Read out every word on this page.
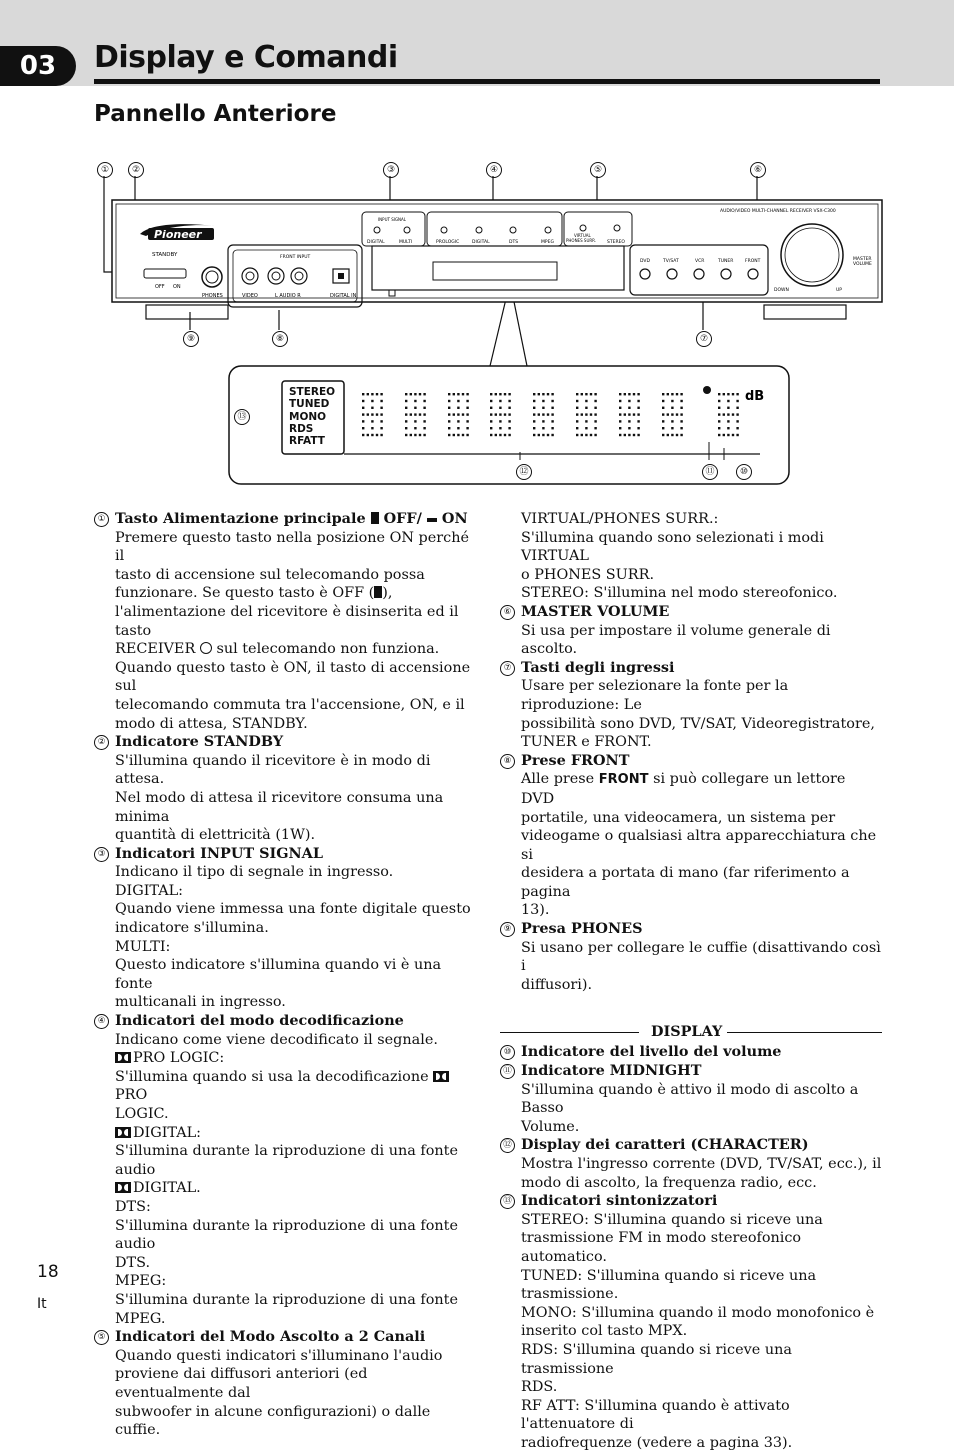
03	Display e Comandi
Pannello Anteriore
Pioneer
STANDBY
OFF ON
PHONES
FRONT INPUT
VIDEO	L AUDIO R	DIGITAL IN
INPUT SIGNAL
DIGITAL	MULTI	PROLOGIC	DIGITAL	DTS	MPEG
VIRTUAL
PHONES SURR. STEREO
DVD	TV/SAT	VCR	TUNER	FRONT
AUDIO/VIDEO MULTI-CHANNEL RECEIVER VSX-C300
MASTER
VOLUME
DOWN	UP
dB
STEREO
TUNED
MONO
RDS
RFATT
①	②	③	④	⑤	⑥
⑦
⑧
⑨
⑩
⑪
⑫
⑬
① Tasto Alimentazione principale OFF/ ON
Premere questo tasto nella posizione ON perché il
tasto di accensione sul telecomando possa
funzionare. Se questo tasto è OFF ( ),
l'alimentazione del ricevitore è disinserita ed il tasto
RECEIVER sul telecomando non funziona.
Quando questo tasto è ON, il tasto di accensione sul
telecomando commuta tra l'accensione, ON, e il
modo di attesa, STANDBY.
② Indicatore STANDBY
S'illumina quando il ricevitore è in modo di attesa.
Nel modo di attesa il ricevitore consuma una minima
quantità di elettricità (1W).
③ Indicatori INPUT SIGNAL
Indicano il tipo di segnale in ingresso.
DIGITAL:
Quando viene immessa una fonte digitale questo
indicatore s'illumina.
MULTI:
Questo indicatore s'illumina quando vi è una fonte
multicanali in ingresso.
④ Indicatori del modo decodificazione
Indicano come viene decodificato il segnale.
PRO LOGIC:
S'illumina quando si usa la decodificazione PRO
LOGIC.
DIGITAL:
S'illumina durante la riproduzione di una fonte audio
DIGITAL.
DTS:
S'illumina durante la riproduzione di una fonte audio
DTS.
MPEG:
S'illumina durante la riproduzione di una fonte
MPEG.
⑤ Indicatori del Modo Ascolto a 2 Canali
Quando questi indicatori s'illuminano l'audio
proviene dai diffusori anteriori (ed eventualmente dal
subwoofer in alcune configurazioni) o dalle cuffie.
VIRTUAL/PHONES SURR.:
S'illumina quando sono selezionati i modi VIRTUAL
o PHONES SURR.
STEREO: S'illumina nel modo stereofonico.
⑥ MASTER VOLUME
Si usa per impostare il volume generale di ascolto.
⑦ Tasti degli ingressi
Usare per selezionare la fonte per la riproduzione: Le
possibilità sono DVD, TV/SAT, Videoregistratore,
TUNER e FRONT.
⑧ Prese FRONT
Alle prese FRONT si può collegare un lettore DVD
portatile, una videocamera, un sistema per
videogame o qualsiasi altra apparecchiatura che si
desidera a portata di mano (far riferimento a pagina
13).
⑨ Presa PHONES
Si usano per collegare le cuffie (disattivando così i
diffusori).
DISPLAY
⑩ Indicatore del livello del volume
⑪ Indicatore MIDNIGHT
S'illumina quando è attivo il modo di ascolto a Basso
Volume.
⑫ Display dei caratteri (CHARACTER)
Mostra l'ingresso corrente (DVD, TV/SAT, ecc.), il
modo di ascolto, la frequenza radio, ecc.
⑬ Indicatori sintonizzatori
STEREO: S'illumina quando si riceve una
trasmissione FM in modo stereofonico automatico.
TUNED: S'illumina quando si riceve una
trasmissione.
MONO: S'illumina quando il modo monofonico è
inserito col tasto MPX.
RDS: S'illumina quando si riceve una trasmissione
RDS.
RF ATT: S'illumina quando è attivato l'attenuatore di
radiofrequenze (vedere a pagina 33).
18
It
